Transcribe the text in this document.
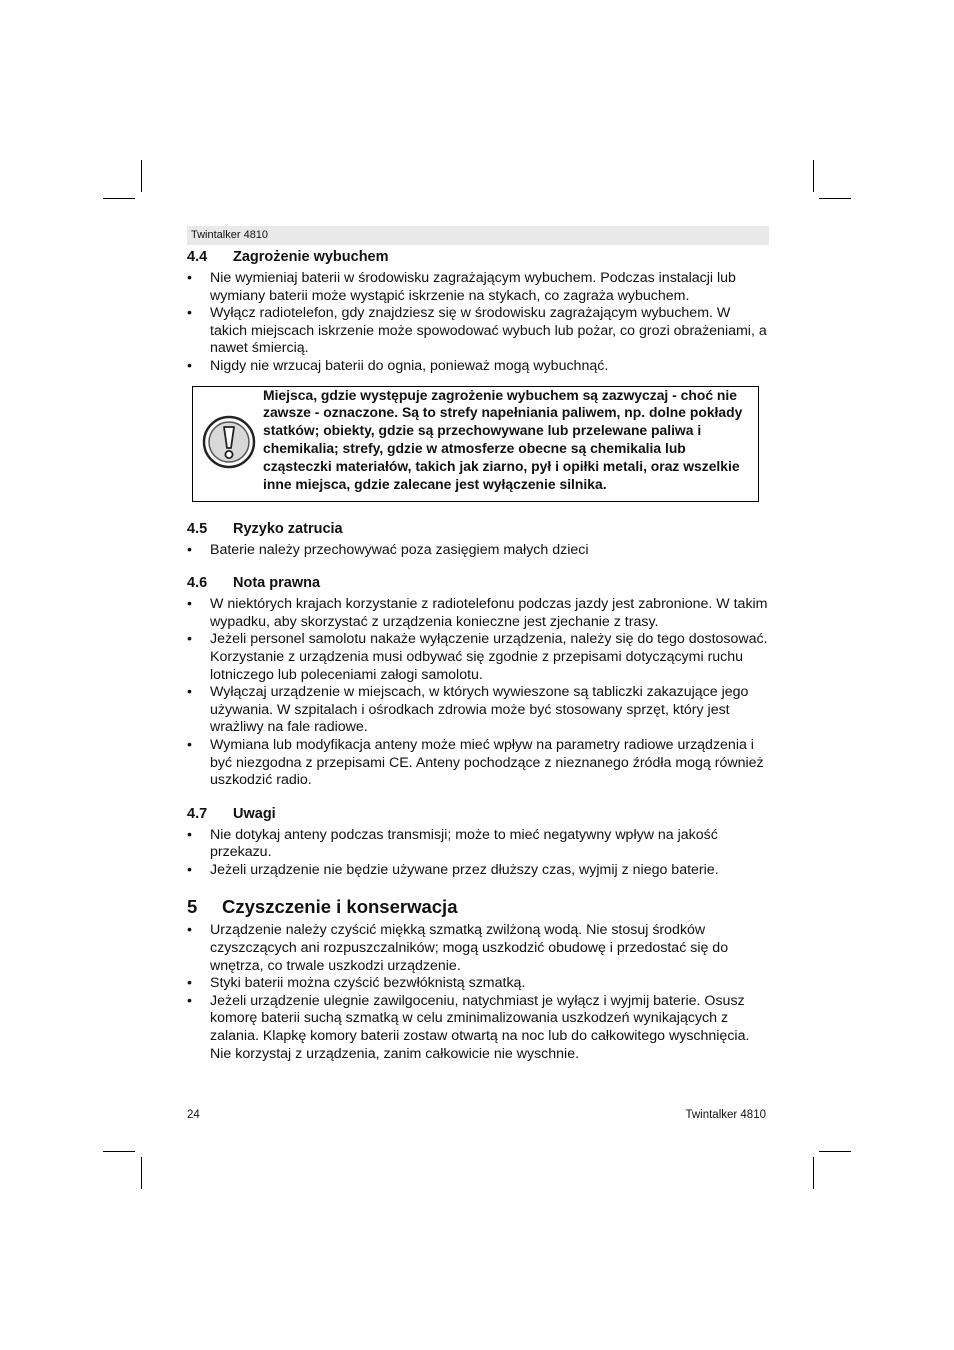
Twintalker 4810
4.4	Zagrożenie wybuchem
• Nie wymieniaj baterii w środowisku zagrażającym wybuchem. Podczas instalacji lub wymiany baterii może wystąpić iskrzenie na stykach, co zagraża wybuchem.
• Wyłącz radiotelefon, gdy znajdziesz się w środowisku zagrażającym wybuchem. W takich miejscach iskrzenie może spowodować wybuch lub pożar, co grozi obrażeniami, a nawet śmiercią.
• Nigdy nie wrzucaj baterii do ognia, ponieważ mogą wybuchnąć.
Miejsca, gdzie występuje zagrożenie wybuchem są zazwyczaj - choć nie zawsze - oznaczone. Są to strefy napełniania paliwem, np. dolne pokłady statków; obiekty, gdzie są przechowywane lub przelewane paliwa i chemikalia; strefy, gdzie w atmosferze obecne są chemikalia lub cząsteczki materiałów, takich jak ziarno, pył i opiłki metali, oraz wszelkie inne miejsca, gdzie zalecane jest wyłączenie silnika.
4.5	Ryzyko zatrucia
• Baterie należy przechowywać poza zasięgiem małych dzieci
4.6	Nota prawna
• W niektórych krajach korzystanie z radiotelefonu podczas jazdy jest zabronione. W takim wypadku, aby skorzystać z urządzenia konieczne jest zjechanie z trasy.
• Jeżeli personel samolotu nakaże wyłączenie urządzenia, należy się do tego dostosować. Korzystanie z urządzenia musi odbywać się zgodnie z przepisami dotyczącymi ruchu lotniczego lub poleceniami załogi samolotu.
• Wyłączaj urządzenie w miejscach, w których wywieszone są tabliczki zakazujące jego używania. W szpitalach i ośrodkach zdrowia może być stosowany sprzęt, który jest wrażliwy na fale radiowe.
• Wymiana lub modyfikacja anteny może mieć wpływ na parametry radiowe urządzenia i być niezgodna z przepisami CE. Anteny pochodzące z nieznanego źródła mogą również uszkodzić radio.
4.7	Uwagi
• Nie dotykaj anteny podczas transmisji; może to mieć negatywny wpływ na jakość przekazu.
• Jeżeli urządzenie nie będzie używane przez dłuższy czas, wyjmij z niego baterie.
5	Czyszczenie i konserwacja
• Urządzenie należy czyścić miękką szmatką zwilżoną wodą. Nie stosuj środków czyszczących ani rozpuszczalników; mogą uszkodzić obudowę i przedostać się do wnętrza, co trwale uszkodzi urządzenie.
• Styki baterii można czyścić bezwłóknistą szmatką.
• Jeżeli urządzenie ulegnie zawilgoceniu, natychmiast je wyłącz i wyjmij baterie. Osusz komorę baterii suchą szmatką w celu zminimalizowania uszkodzeń wynikających z zalania. Klapkę komory baterii zostaw otwartą na noc lub do całkowitego wyschnięcia. Nie korzystaj z urządzenia, zanim całkowicie nie wyschnie.
24	Twintalker 4810
